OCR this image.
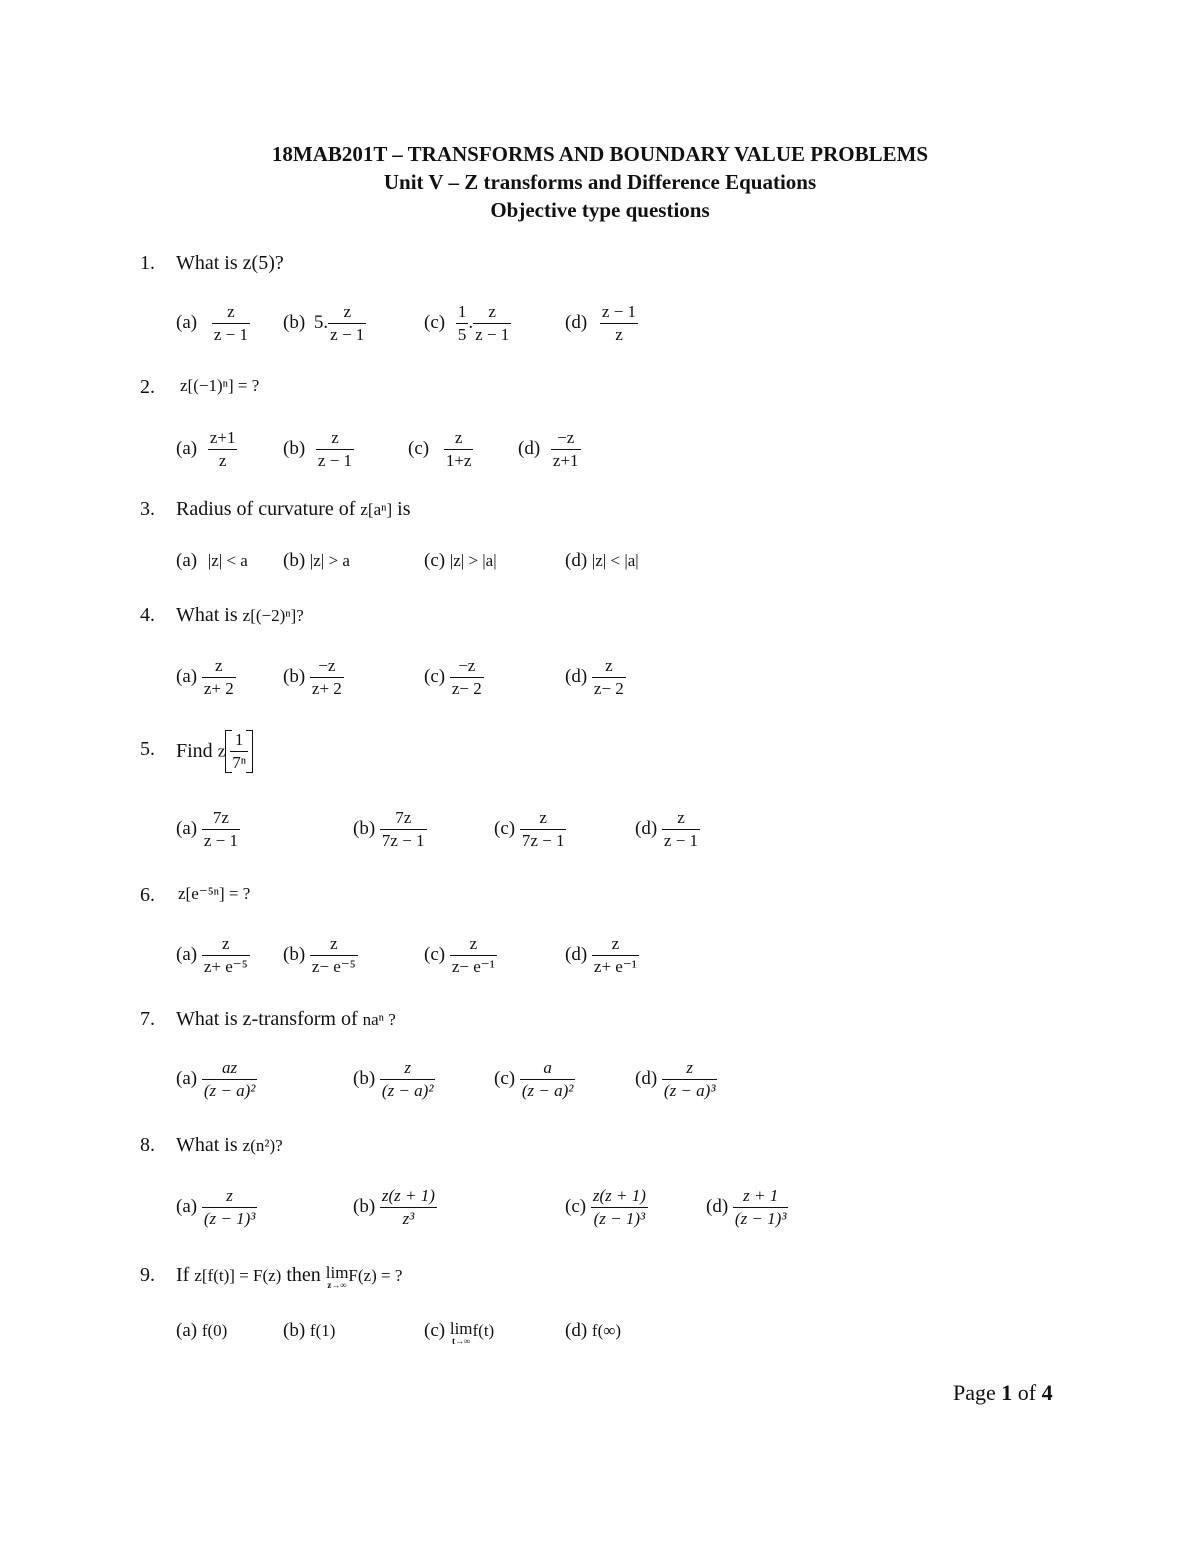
18MAB201T – TRANSFORMS AND BOUNDARY VALUE PROBLEMS
Unit V – Z transforms and Difference Equations
Objective type questions
1. What is z(5)?
$(a) \frac{z}{z - 1} (b)$ 5. $\frac{z}{z - 1}$	$(c) \frac{1}{5}$ . $\frac{z}{z - 1}$	$(d) \frac{z - 1}{z}$
2. z[(−1)ⁿ] = ?
$(a) \frac{z+1}{z} (b) \frac{z}{z - 1}$	$(c) \frac{z}{1+z} (d) \frac{-z}{z+1}$
3. Radius of curvature of z[aⁿ] is
(a) |z| < a (b) |z| > a	(c) |z| > |a|	(d) |z| < |a|
4. What is z[(−2)ⁿ]?
$(a) \frac{z}{z+ 2} (b) \frac{-z}{z+ 2}$	$(c) \frac{-z}{z- 2}$	$(d) \frac{z}{z- 2}$
5. Find z $\frac{1}{\text{7ⁿ}}$
$(a) \frac{7z}{z - 1}$	$(b) \frac{7z}{7z - 1}$	$(c) \frac{z}{7z - 1}$	$(d) \frac{z}{z - 1}$
6. z[e⁻⁵ⁿ] = ?
$(a) \frac{z}{\text{z+ e⁻⁵}} (b) \frac{z}{\text{z− e⁻⁵}}$	$(c) \frac{z}{\text{z− e⁻¹}}$	$(d) \frac{z}{\text{z+ e⁻¹}}$
7. What is z-transform of naⁿ ?
$(a) \frac{az}{\text{(z − a)²}}$	$(b) \frac{z}{\text{(z − a)²}}$	$(c) \frac{a}{\text{(z − a)²}}$	$(d) \frac{z}{\text{(z − a)³}}$
8. What is z(n²)?
$(a) \frac{z}{\text{(z − 1)³}}$	$(b) \frac{z(z + 1)}{\text{z³}}$	$(c) \frac{z(z + 1)}{\text{(z − 1)³}}$	$(d) \frac{z + 1}{\text{(z − 1)³}}$
9. If z[f(t)] = F(z) then lim
z→∞ F(z) = ?
(a) f(0)	(b) f(1)	(c) lim
t→∞
f(t)	(d) f(∞)
Page 1 of 4
